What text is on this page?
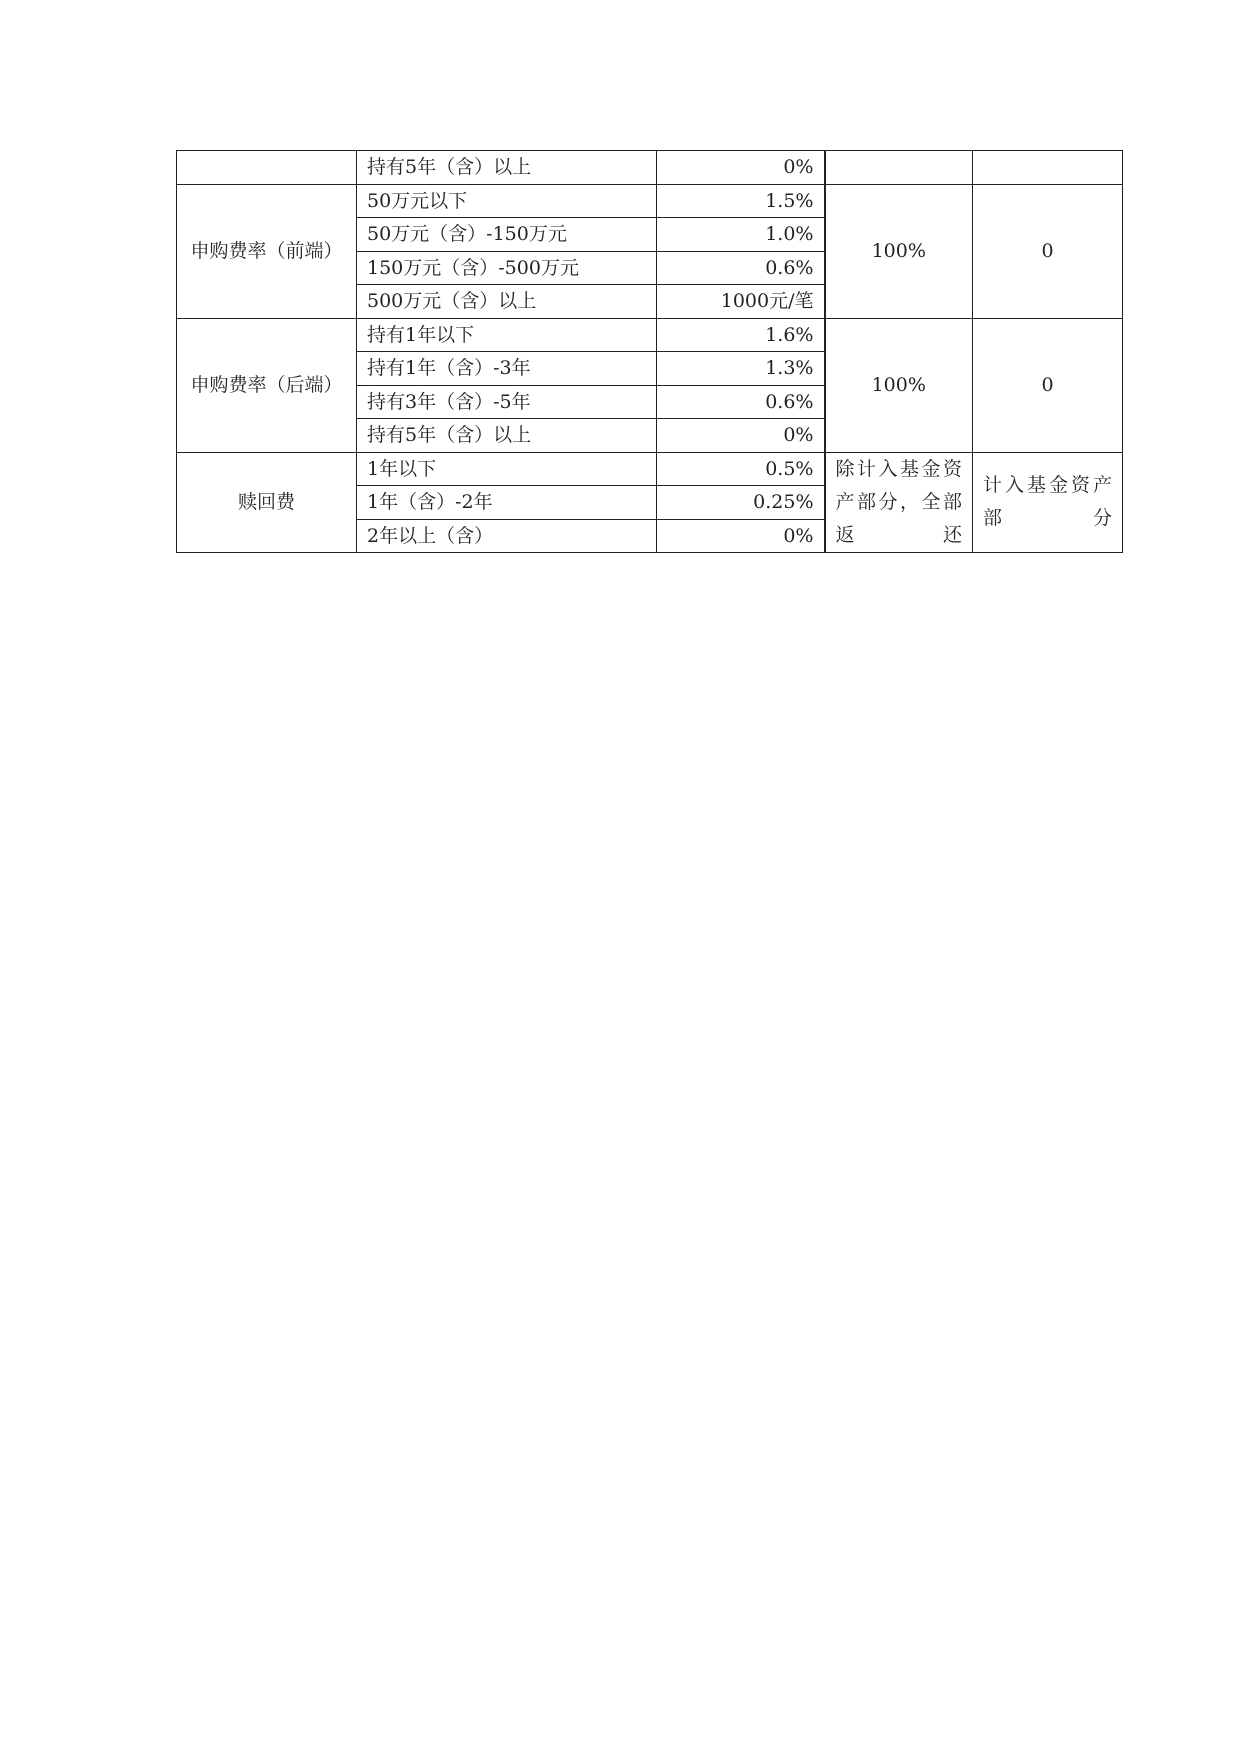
	持有5年（含）以上	0%		
申购费率（前端）	50万元以下	1.5%	100%	0
	50万元（含）-150万元	1.0%		
	150万元（含）-500万元	0.6%		
	500万元（含）以上	1000元/笔		
申购费率（后端）	持有1年以下	1.6%	100%	0
	持有1年（含）-3年	1.3%		
	持有3年（含）-5年	0.6%		
	持有5年（含）以上	0%		
赎回费	1年以下	0.5%	除计入基金资产部分，全部返还	计入基金资产部分
	1年（含）-2年	0.25%		
	2年以上（含）	0%		
